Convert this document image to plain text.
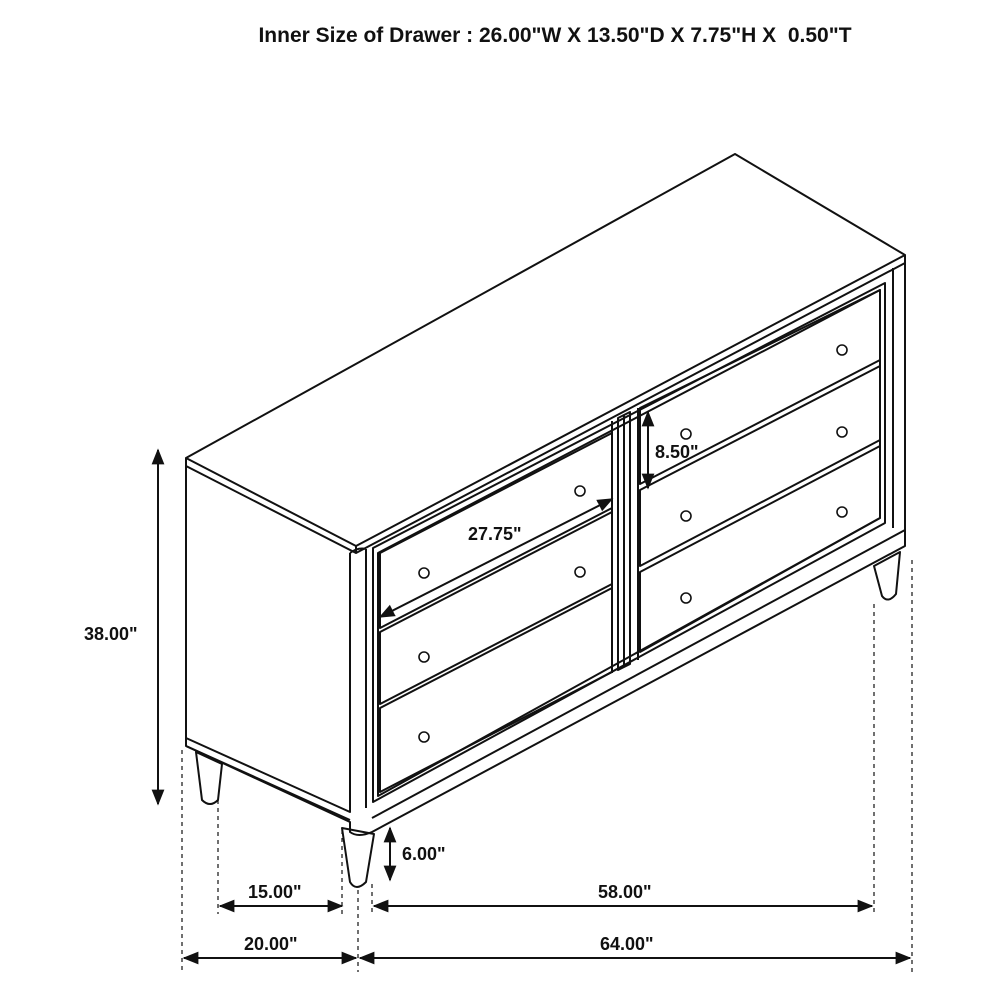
Inner Size of Drawer : 26.00"W X 13.50"D X 7.75"H X  0.50"T
38.00"
27.75"
8.50"
6.00"
15.00"	58.00"
20.00"	64.00"
